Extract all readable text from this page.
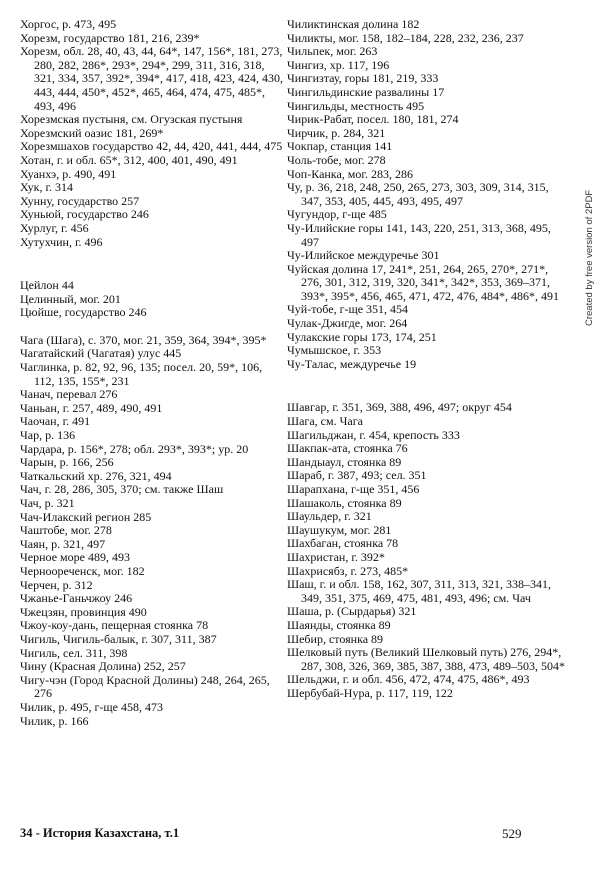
Хоргос, р. 473, 495

Хорезм, государство 181, 216, 239*

Хорезм, обл. 28, 40, 43, 44, 64*, 147, 156*, 181, 273, 280, 282, 286*, 293*, 294*, 299, 311, 316, 318, 321, 334, 357, 392*, 394*, 417, 418, 423, 424, 430, 443, 444, 450*, 452*, 465, 464, 474, 475, 485*, 493, 496

Хорезмская пустыня, см. Огузская пустыня

Хорезмский оазис 181, 269*

Хорезмшахов государство 42, 44, 420, 441, 444, 475

Хотан, г. и обл. 65*, 312, 400, 401, 490, 491

Хуанхэ, р. 490, 491

Хук, г. 314

Хунну, государство 257

Хуньюй, государство 246

Хурлуг, г. 456

Хутухчин, г. 496

Цейлон 44

Целинный, мог. 201

Цюйше, государство 246

Чага (Шага), с. 370, мог. 21, 359, 364, 394*, 395*

Чагатайский (Чагатая) улус 445

Чаглинка, р. 82, 92, 96, 135; посел. 20, 59*, 106, 112, 135, 155*, 231

Чанач, перевал 276

Чаньан, г. 257, 489, 490, 491

Чаочан, г. 491

Чар, р. 136

Чардара, р. 156*, 278; обл. 293*, 393*; ур. 20

Чарын, р. 166, 256

Чаткальский хр. 276, 321, 494

Чач, г. 28, 286, 305, 370; см. также Шаш

Чач, р. 321

Чач-Илакский регион 285

Чаштобе, мог. 278

Чаян, р. 321, 497

Черное море 489, 493

Черноореченск, мог. 182

Черчен, р. 312

Чжанье-Ганьчжоу 246

Чжецзян, провинция 490

Чжоу-коу-дань, пещерная стоянка 78

Чигиль, Чигиль-балык, г. 307, 311, 387

Чигиль, сел. 311, 398

Чину (Красная Долина) 252, 257

Чигу-чэн (Город Красной Долины) 248, 264, 265, 276

Чилик, р. 495, г-ще 458, 473

Чилик, р. 166

Чиликтинская долина 182

Чиликты, мог. 158, 182–184, 228, 232, 236, 237

Чильпек, мог. 263

Чингиз, хр. 117, 196

Чингизтау, горы 181, 219, 333

Чингильдинские развалины 17

Чингильды, местность 495

Чирик-Рабат, посел. 180, 181, 274

Чирчик, р. 284, 321

Чокпар, станция 141

Чоль-тобе, мог. 278

Чоп-Канка, мог. 283, 286

Чу, р. 36, 218, 248, 250, 265, 273, 303, 309, 314, 315, 347, 353, 405, 445, 493, 495, 497

Чугундор, г-ще 485

Чу-Илийские горы 141, 143, 220, 251, 313, 368, 495, 497

Чу-Илийское междуречье 301

Чуйская долина 17, 241*, 251, 264, 265, 270*, 271*, 276, 301, 312, 319, 320, 341*, 342*, 353, 369–371, 393*, 395*, 456, 465, 471, 472, 476, 484*, 486*, 491

Чуй-тобе, г-ще 351, 454

Чулак-Джигде, мог. 264

Чулакские горы 173, 174, 251

Чумышское, г. 353

Чу-Талас, междуречье 19

Шавгар, г. 351, 369, 388, 496, 497; округ 454

Шага, см. Чага

Шагильджан, г. 454, крепость 333

Шакпак-ата, стоянка 76

Шандыаул, стоянка 89

Шараб, г. 387, 493; сел. 351

Шарапхана, г-ще 351, 456

Шашаколь, стоянка 89

Шаульдер, г. 321

Шаушукум, мог. 281

Шахбаган, стоянка 78

Шахристан, г. 392*

Шахрисябз, г. 273, 485*

Шаш, г. и обл. 158, 162, 307, 311, 313, 321, 338–341, 349, 351, 375, 469, 475, 481, 493, 496; см. Чач

Шаша, р. (Сырдарья) 321

Шаянды, стоянка 89

Шебир, стоянка 89

Шелковый путь (Великий Шелковый путь) 276, 294*, 287, 308, 326, 369, 385, 387, 388, 473, 489–503, 504*

Шельджи, г. и обл. 456, 472, 474, 475, 486*, 493

Шербубай-Нура, р. 117, 119, 122

34 - История Казахстана, т.1	529
Created by free version of 2PDF
